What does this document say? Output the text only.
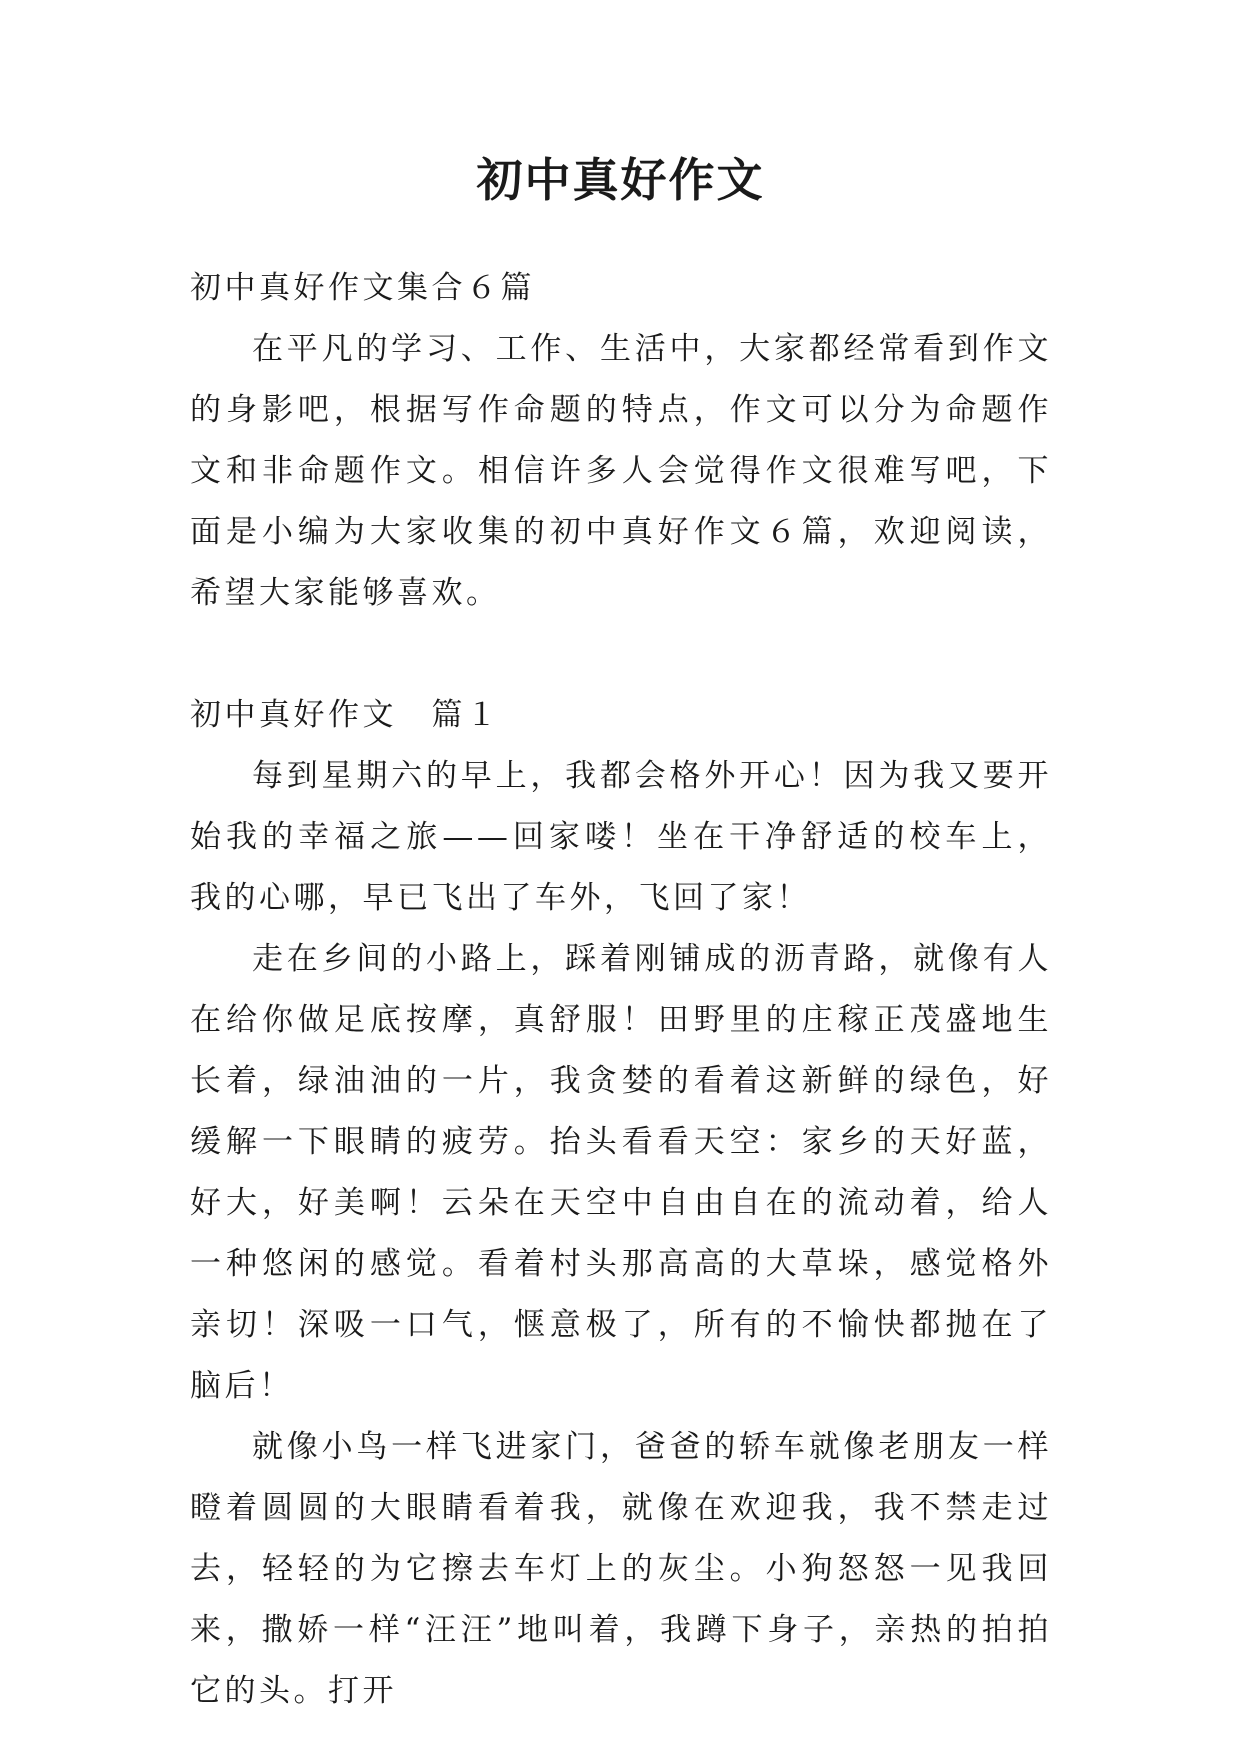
初中真好作文

初中真好作文集合６篇

在平凡的学习、工作、生活中，大家都经常看到作文的身影吧，根据写作命题的特点，作文可以分为命题作文和非命题作文。相信许多人会觉得作文很难写吧，下面是小编为大家收集的初中真好作文６篇，欢迎阅读，希望大家能够喜欢。

初中真好作文　篇１

每到星期六的早上，我都会格外开心！因为我又要开始我的幸福之旅——回家喽！坐在干净舒适的校车上，我的心哪，早已飞出了车外，飞回了家！

走在乡间的小路上，踩着刚铺成的沥青路，就像有人在给你做足底按摩，真舒服！田野里的庄稼正茂盛地生长着，绿油油的一片，我贪婪的看着这新鲜的绿色，好缓解一下眼睛的疲劳。抬头看看天空：家乡的天好蓝，好大，好美啊！云朵在天空中自由自在的流动着，给人一种悠闲的感觉。看着村头那高高的大草垛，感觉格外亲切！深吸一口气，惬意极了，所有的不愉快都抛在了脑后！

就像小鸟一样飞进家门，爸爸的轿车就像老朋友一样瞪着圆圆的大眼睛看着我，就像在欢迎我，我不禁走过去，轻轻的为它擦去车灯上的灰尘。小狗怒怒一见我回来，撒娇一样“汪汪”地叫着，我蹲下身子，亲热的拍拍它的头。打开
